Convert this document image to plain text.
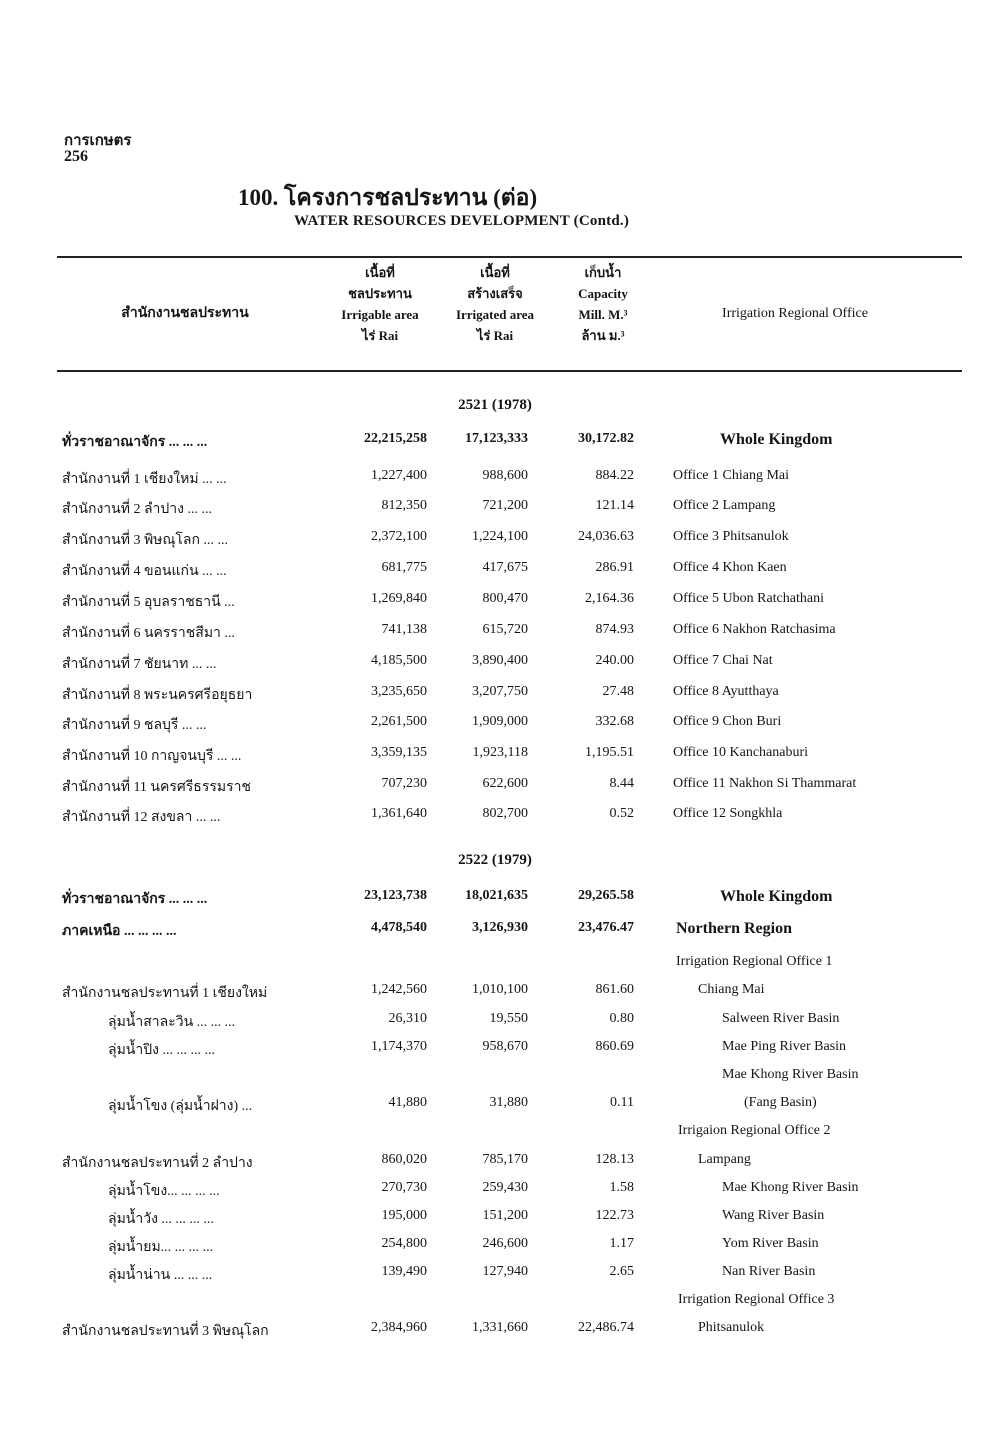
การเกษตร
256
100. โครงการชลประทาน (ต่อ)
WATER RESOURCES DEVELOPMENT (Contd.)
สำนักงานชลประทาน
เนื้อที่
ชลประทาน
Irrigable area
ไร่ Rai
เนื้อที่
สร้างเสร็จ
Irrigated area
ไร่ Rai
เก็บน้ำ
Capacity
Mill. M.³
ล้าน ม.³
Irrigation Regional Office
2521 (1978)
ทั่วราชอาณาจักร ... ... ...	22,215,258	17,123,333	30,172.82	Whole Kingdom
สำนักงานที่ 1 เชียงใหม่ ... ...	1,227,400	988,600	884.22	Office 1 Chiang Mai
สำนักงานที่ 2 ลำปาง ... ...	812,350	721,200	121.14	Office 2 Lampang
สำนักงานที่ 3 พิษณุโลก ... ...	2,372,100	1,224,100	24,036.63	Office 3 Phitsanulok
สำนักงานที่ 4 ขอนแก่น ... ...	681,775	417,675	286.91	Office 4 Khon Kaen
สำนักงานที่ 5 อุบลราชธานี ...	1,269,840	800,470	2,164.36	Office 5 Ubon Ratchathani
สำนักงานที่ 6 นครราชสีมา ...	741,138	615,720	874.93	Office 6 Nakhon Ratchasima
สำนักงานที่ 7 ชัยนาท ... ...	4,185,500	3,890,400	240.00	Office 7 Chai Nat
สำนักงานที่ 8 พระนครศรีอยุธยา	3,235,650	3,207,750	27.48	Office 8 Ayutthaya
สำนักงานที่ 9 ชลบุรี ... ...	2,261,500	1,909,000	332.68	Office 9 Chon Buri
สำนักงานที่ 10 กาญจนบุรี ... ...	3,359,135	1,923,118	1,195.51	Office 10 Kanchanaburi
สำนักงานที่ 11 นครศรีธรรมราช	707,230	622,600	8.44	Office 11 Nakhon Si Thammarat
สำนักงานที่ 12 สงขลา ... ...	1,361,640	802,700	0.52	Office 12 Songkhla
2522 (1979)
ทั่วราชอาณาจักร ... ... ...	23,123,738	18,021,635	29,265.58	Whole Kingdom
ภาคเหนือ ... ... ... ...	4,478,540	3,126,930	23,476.47	Northern Region
Irrigation Regional Office 1
สำนักงานชลประทานที่ 1 เชียงใหม่	1,242,560	1,010,100	861.60	Chiang Mai
ลุ่มน้ำสาละวิน ... ... ...	26,310	19,550	0.80	Salween River Basin
ลุ่มน้ำปิง ... ... ... ...	1,174,370	958,670	860.69	Mae Ping River Basin
Mae Khong River Basin
ลุ่มน้ำโขง (ลุ่มน้ำฝาง) ...	41,880	31,880	0.11	(Fang Basin)
Irrigaion Regional Office 2
สำนักงานชลประทานที่ 2 ลำปาง	860,020	785,170	128.13	Lampang
ลุ่มน้ำโขง... ... ... ...	270,730	259,430	1.58	Mae Khong River Basin
ลุ่มน้ำวัง ... ... ... ...	195,000	151,200	122.73	Wang River Basin
ลุ่มน้ำยม... ... ... ...	254,800	246,600	1.17	Yom River Basin
ลุ่มน้ำน่าน ... ... ...	139,490	127,940	2.65	Nan River Basin
Irrigation Regional Office 3
สำนักงานชลประทานที่ 3 พิษณุโลก	2,384,960	1,331,660	22,486.74	Phitsanulok
